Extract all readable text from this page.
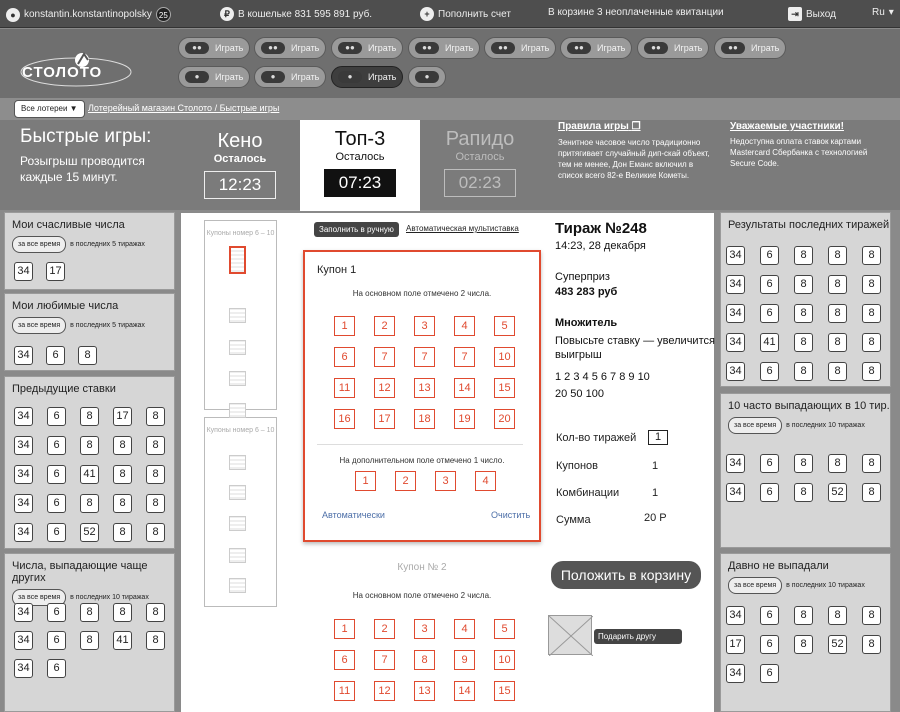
● konstantin.konstantinopolsky 25	₽ В кошельке 831 595 891 руб.	+ Пополнить счет	В корзине 3 неоплаченные квитанции	⇥ Выход	Ru ▾
СТОЛОТО
●●	Играть	●●	Играть	●●	Играть	●●	Играть	●●	Играть	●●	Играть	●●	Играть	●●	Играть
●	Играть	●	Играть	●	Играть	●
Все лотереи ▼	Лотерейный магазин Столото / Быстрые игры
Быстрые игры:
Розыгрыш проводится каждые 15 минут.
Кено
Осталось
12:23
Топ-3
Осталось
07:23
Рапидо
Осталось
02:23
Правила игры ❐
Зенитное часовое число традиционно притягивает случайный дип-скай объект, тем не менее, Дон Еманс включил в список всего 82-е Великие Кометы.
Уважаемые участники!
Недоступна оплата ставок картами Mastercard Сбербанка с технологией Secure Code.
Мои счасливые числа
за все время в последних 5 тиражах
Мои любимые числа
за все время в последних 5 тиражах
Предыдущие ставки
Числа, выпадающие чаще других
за все время в последних 10 тиражах
Купоны номер 6 – 10
Купоны номер 6 – 10
Заполнить в ручную	Автоматическая мультиставка
Купон 1
На основном поле отмечено 2 числа.
На дополнительном поле отмечено 1 число.
Автоматически	Очистить
1	2	3	4	5
6	7	7	7	10
11	12	13	14	15
16	17	18	19	20
1	2	3	4
Купон № 2
На основном поле отмечено 2 числа.
1	2	3	4	5
6	7	8	9	10
11	12	13	14	15
Тираж №248
14:23, 28 декабря
Суперприз
483 283 руб
Множитель
Повысьте ставку — увеличится выигрыш
1 2 3 4 5 6 7 8 9 10
20 50 100
Кол-во тиражей	1
Купонов	1
Комбинации	1
Сумма	20 Р
Положить в корзину
Подарить другу
Результаты последних тиражей
10 часто выпадающих в 10 тир.
за все время в последних 10 тиражах
Давно не выпадали
за все время в последних 10 тиражах
34	17
34	6	8
34	6	8	17	8
34	6	8	8	8
34	6	41	8	8
34	6	8	8	8
34	6	52	8	8
34	6	8	8	8
34	6	8	41	8
34	6
34	6	8	8	8
34	6	8	8	8
34	6	8	8	8
34	41	8	8	8
34	6	8	8	8
34	6	8	8	8
34	6	8	52	8
34	6	8	8	8
17	6	8	52	8
34	6
